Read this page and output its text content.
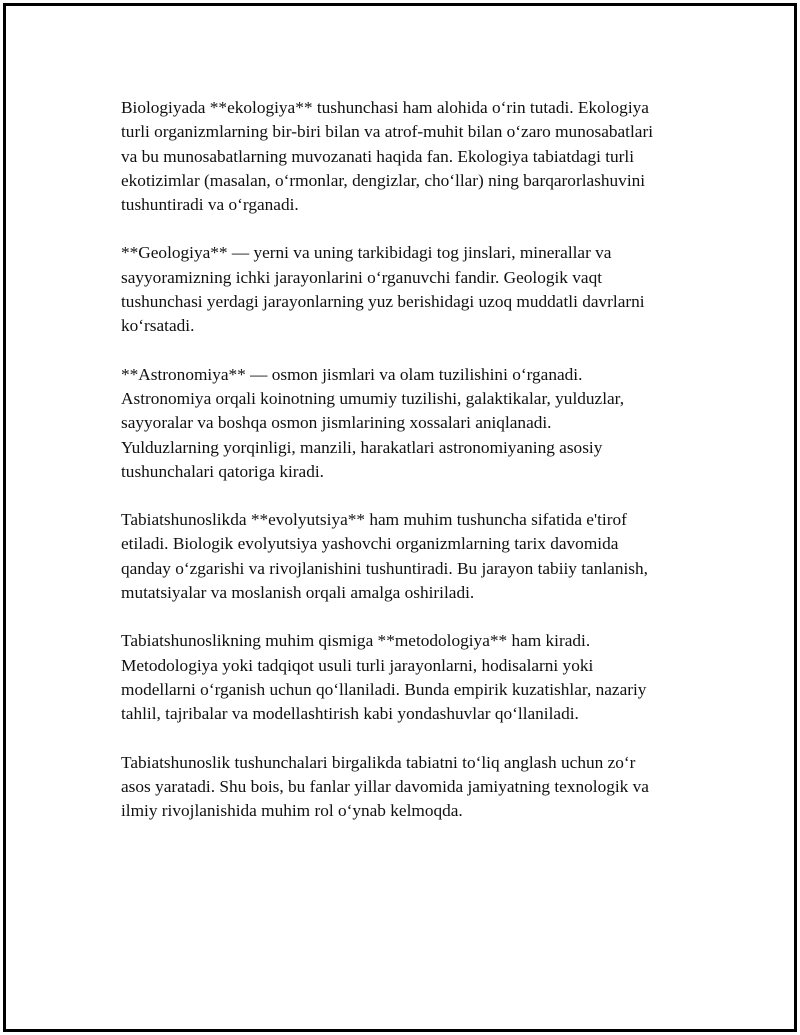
Biologiyada **ekologiya** tushunchasi ham alohida o‘rin tutadi. Ekologiya
turli organizmlarning bir-biri bilan va atrof-muhit bilan o‘zaro munosabatlari
va bu munosabatlarning muvozanati haqida fan. Ekologiya tabiatdagi turli
ekotizimlar (masalan, o‘rmonlar, dengizlar, cho‘llar) ning barqarorlashuvini
tushuntiradi va o‘rganadi.

**Geologiya** — yerni va uning tarkibidagi tog jinslari, minerallar va
sayyoramizning ichki jarayonlarini o‘rganuvchi fandir. Geologik vaqt
tushunchasi yerdagi jarayonlarning yuz berishidagi uzoq muddatli davrlarni
ko‘rsatadi.

**Astronomiya** — osmon jismlari va olam tuzilishini o‘rganadi.
Astronomiya orqali koinotning umumiy tuzilishi, galaktikalar, yulduzlar,
sayyoralar va boshqa osmon jismlarining xossalari aniqlanadi.
Yulduzlarning yorqinligi, manzili, harakatlari astronomiyaning asosiy
tushunchalari qatoriga kiradi.

Tabiatshunoslikda **evolyutsiya** ham muhim tushuncha sifatida e'tirof
etiladi. Biologik evolyutsiya yashovchi organizmlarning tarix davomida
qanday o‘zgarishi va rivojlanishini tushuntiradi. Bu jarayon tabiiy tanlanish,
mutatsiyalar va moslanish orqali amalga oshiriladi.

Tabiatshunoslikning muhim qismiga **metodologiya** ham kiradi.
Metodologiya yoki tadqiqot usuli turli jarayonlarni, hodisalarni yoki
modellarni o‘rganish uchun qo‘llaniladi. Bunda empirik kuzatishlar, nazariy
tahlil, tajribalar va modellashtirish kabi yondashuvlar qo‘llaniladi.

Tabiatshunoslik tushunchalari birgalikda tabiatni to‘liq anglash uchun zo‘r
asos yaratadi. Shu bois, bu fanlar yillar davomida jamiyatning texnologik va
ilmiy rivojlanishida muhim rol o‘ynab kelmoqda.
